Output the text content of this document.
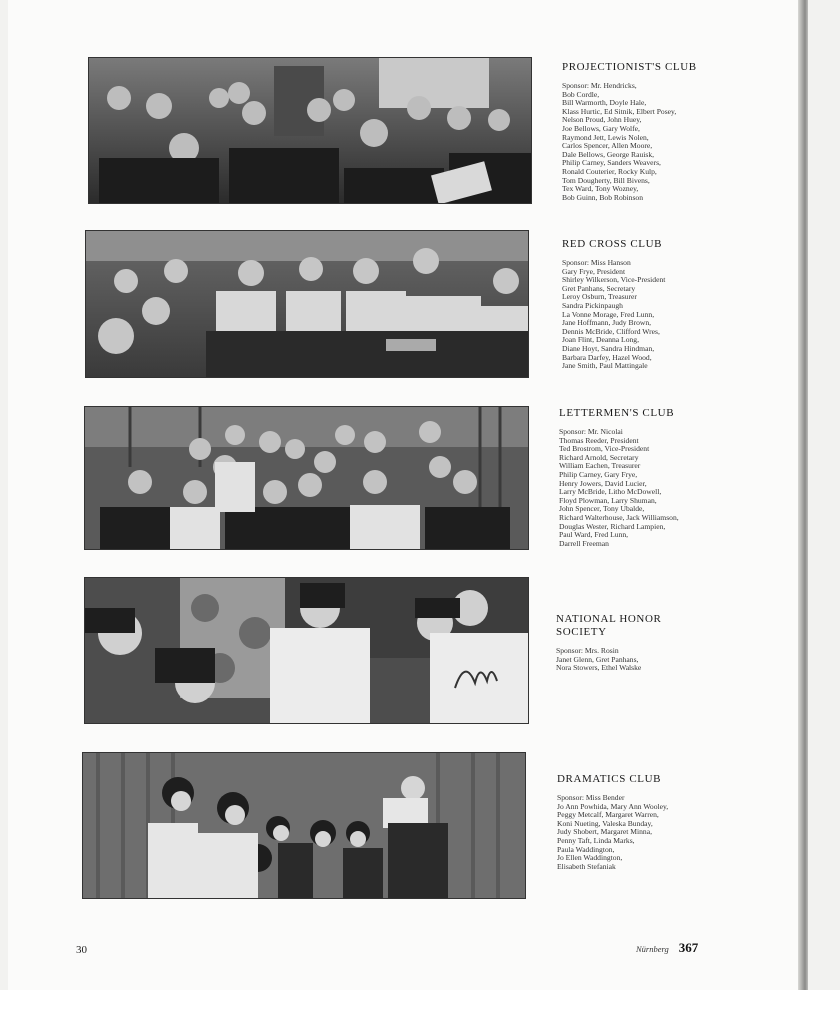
PROJECTIONIST'S CLUB
Sponsor: Mr. Hendricks,
Bob Cordle,
Bill Warmorth, Doyle Hale,
Klass Hurtic, Ed Sitnik, Elbert Posey,
Nelson Proud, John Huey,
Joe Bellows, Gary Wolfe,
Raymond Jett, Lewis Nolen,
Carlos Spencer, Allen Moore,
Dale Bellows, George Rauisk,
Philip Carney, Sanders Weavers,
Ronald Couterier, Rocky Kulp,
Tom Dougherty, Bill Bivens,
Tex Ward, Tony Wozney,
Bob Guinn, Bob Robinson
RED CROSS CLUB
Sponsor: Miss Hanson
Gary Frye, President
Shirley Wilkerson, Vice-President
Gret Panhans, Secretary
Leroy Osburn, Treasurer
Sandra Pickinpaugh
La Vonne Morage, Fred Lunn,
Jane Hoffmann, Judy Brown,
Dennis McBride, Clifford Wres,
Joan Flint, Deanna Long,
Diane Hoyt, Sandra Hindman,
Barbara Darfey, Hazel Wood,
Jane Smith, Paul Mattingale
LETTERMEN'S CLUB
Sponsor: Mr. Nicolai
Thomas Reeder, President
Ted Brostrom, Vice-President
Richard Arnold, Secretary
William Eachen, Treasurer
Philip Carney, Gary Frye,
Henry Jowers, David Lucier,
Larry McBride, Litho McDowell,
Floyd Plowman, Larry Shuman,
John Spencer, Tony Ubalde,
Richard Walterhouse, Jack Williamson,
Douglas Wester, Richard Lampien,
Paul Ward, Fred Lunn,
Darrell Freeman
NATIONAL HONOR SOCIETY
Sponsor: Mrs. Rosin
Janet Glenn, Gret Panhans,
Nora Stowers, Ethel Walske
DRAMATICS CLUB
Sponsor: Miss Bender
Jo Ann Powhida, Mary Ann Wooley,
Peggy Metcalf, Margaret Warren,
Koni Nueting, Valeska Bunday,
Judy Shobert, Margaret Minna,
Penny Taft, Linda Marks,
Paula Waddington,
Jo Ellen Waddington,
Elisabeth Stefaniak
30	Nürnberg 367
